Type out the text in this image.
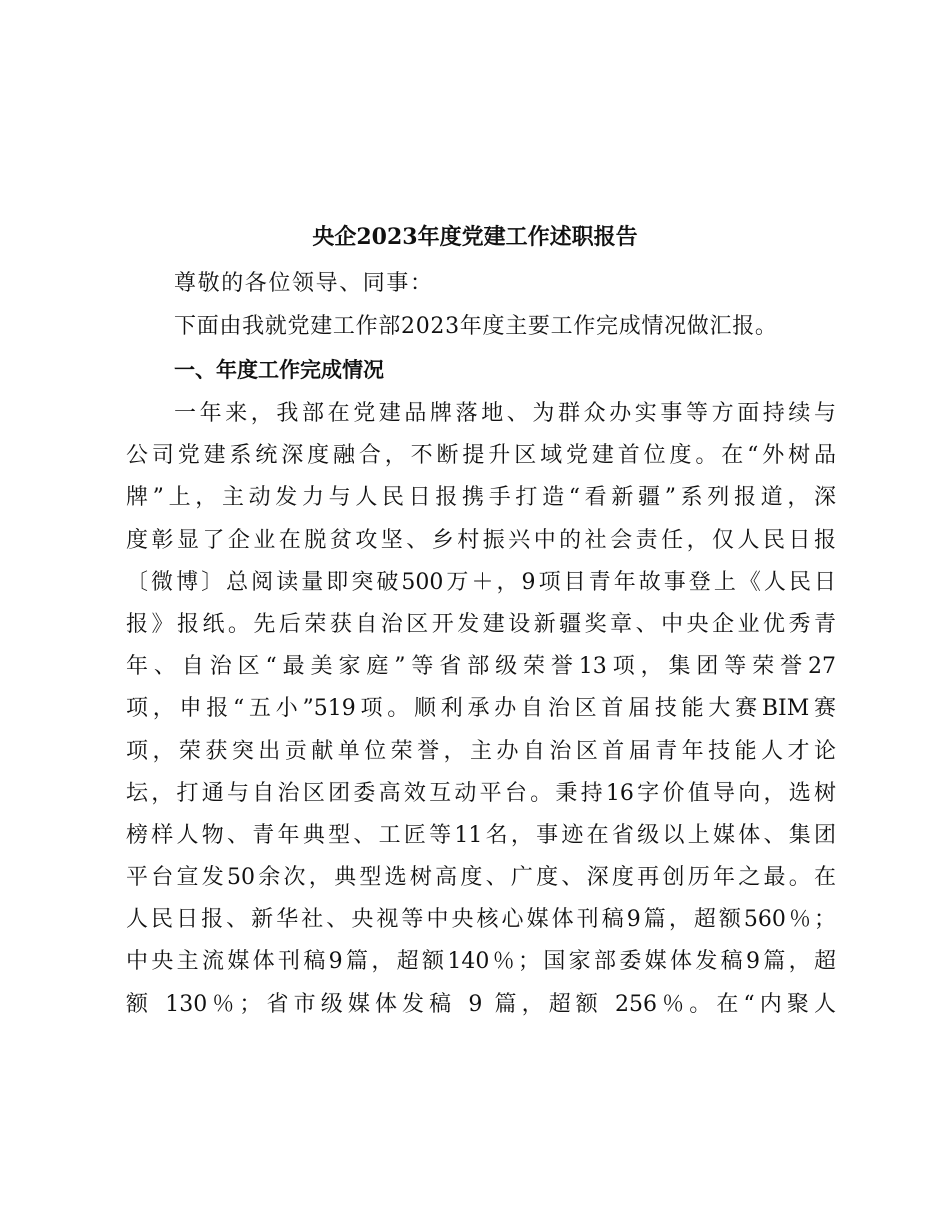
央企2023年度党建工作述职报告
尊敬的各位领导、同事：
下面由我就党建工作部2023年度主要工作完成情况做汇报。
一、年度工作完成情况
一年来，我部在党建品牌落地、为群众办实事等方面持续与
公司党建系统深度融合，不断提升区域党建首位度。在“外树品
牌”上，主动发力与人民日报携手打造“看新疆”系列报道，深
度彰显了企业在脱贫攻坚、乡村振兴中的社会责任，仅人民日报
〔微博〕总阅读量即突破500万＋，9项目青年故事登上《人民日
报》报纸。先后荣获自治区开发建设新疆奖章、中央企业优秀青
年、自治区“最美家庭”等省部级荣誉13项，集团等荣誉27
项，申报“五小”519项。顺利承办自治区首届技能大赛BIM赛
项，荣获突出贡献单位荣誉，主办自治区首届青年技能人才论
坛，打通与自治区团委高效互动平台。秉持16字价值导向，选树
榜样人物、青年典型、工匠等11名，事迹在省级以上媒体、集团
平台宣发50余次，典型选树高度、广度、深度再创历年之最。在
人民日报、新华社、央视等中央核心媒体刊稿9篇，超额560％；
中央主流媒体刊稿9篇，超额140％；国家部委媒体发稿9篇，超
额 130％；省市级媒体发稿 9 篇，超额 256％。在“内聚人
